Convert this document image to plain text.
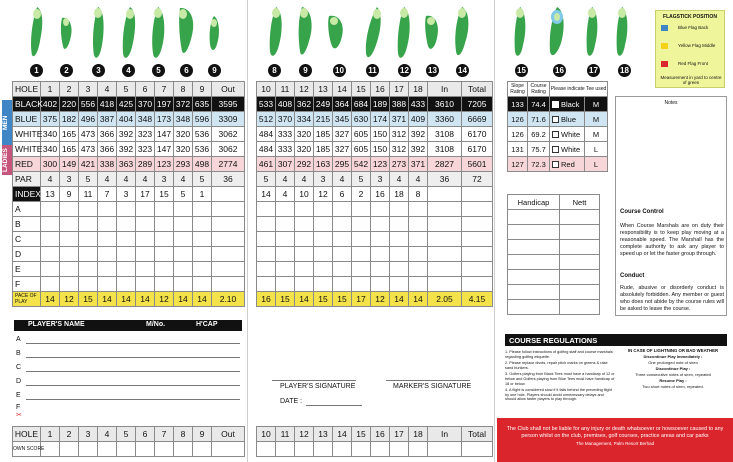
1	2	3	4	5	6	9
MEN
LADIES
HOLE	1	2	3	4	5	6	7	8	9	Out
BLACK	402	220	556	418	425	370	197	372	635	3595
BLUE	375	182	496	387	404	348	173	348	596	3309
WHITE	340	165	473	366	392	323	147	320	536	3062
WHITE	340	165	473	366	392	323	147	320	536	3062
RED	300	149	421	338	363	289	123	293	498	2774
PAR	4	3	5	4	4	4	3	4	5	36
INDEX	13	9	11	7	3	17	15	5	1	
A										
B										
C										
D										
E										
F										
PACE OF PLAY	14	12	15	14	14	14	12	14	14	2.10
PLAYER'S NAME	M/No.	H'CAP
A
B
C
D
E
F
✂
HOLE	1	2	3	4	5	6	7	8	9	Out
OWN SCORE										
8	9	10	11	12 13	14
10	11	12	13	14	15	16	17	18	In	Total
533	408	362	249	364	684	189	388	433	3610	7205
512	370	334	215	345	630	174	371	409	3360	6669
484	333	320	185	327	605	150	312	392	3108	6170
484	333	320	185	327	605	150	312	392	3108	6170
461	307	292	163	295	542	123	273	371	2827	5601
5	4	4	3	4	5	3	4	4	36	72
14	4	10	12	6	2	16	18	8		

16	15	14	15	15	17	12	14	14	2.05	4.15
PLAYER'S SIGNATURE	MARKER'S SIGNATURE
DATE :
10	11	12	13	14	15	16	17	18	In	Total

15	16	17	18
FLAGSTICK POSITION
Blue Flag Back
Yellow Flag Middle
Red Flag Front
Measurement in yard to centre of green
Slope Rating	Course Rating	Please indicate Tee used	
133	74.4	Black	M
126	71.6	Blue	M
126	69.2	White	M
131	75.7	White	L
127	72.3	Red	L
Handicap	Nett

Notes
Course Control
When Course Marshals are on duty their responsibility is to keep play moving at a reasonable speed. The Marshall has the complete authority to ask any player to speed up or let the faster group through.
Conduct
Rude, abusive or disorderly conduct is absolutely forbidden. Any member or guest who does not abide by the course rules will be asked to leave the course.
COURSE REGULATIONS
1. Please follow instructions of golfing staff and course marshals regarding golfing etiquette.
2. Please replace divots, repair pitch marks on greens & rake sand bunkers.
3. Golfers playing from Black Tees must have a handicap of 12 or below and Golfers playing from Blue Tees must have handicap of 18 or below.
4. A flight is considered slow if it falls behind the preceding flight by one hole. Players should avoid unnecessary delays and should allow faster players to play through.
IN CASE OF LIGHTNING OR BAD WEATHER
Discontinue Play Immediately :
One prolonged note of siren
Discontinue Play :
Three consecutive notes of siren, repeated
Resume Play :
Two short notes of siren, repeated.
The Club shall not be liable for any injury or death whatsoever or howsoever caused to any person whilst on the club, premises, golf courses, practice areas and car parks
The Management, Palm Resort Berhad
